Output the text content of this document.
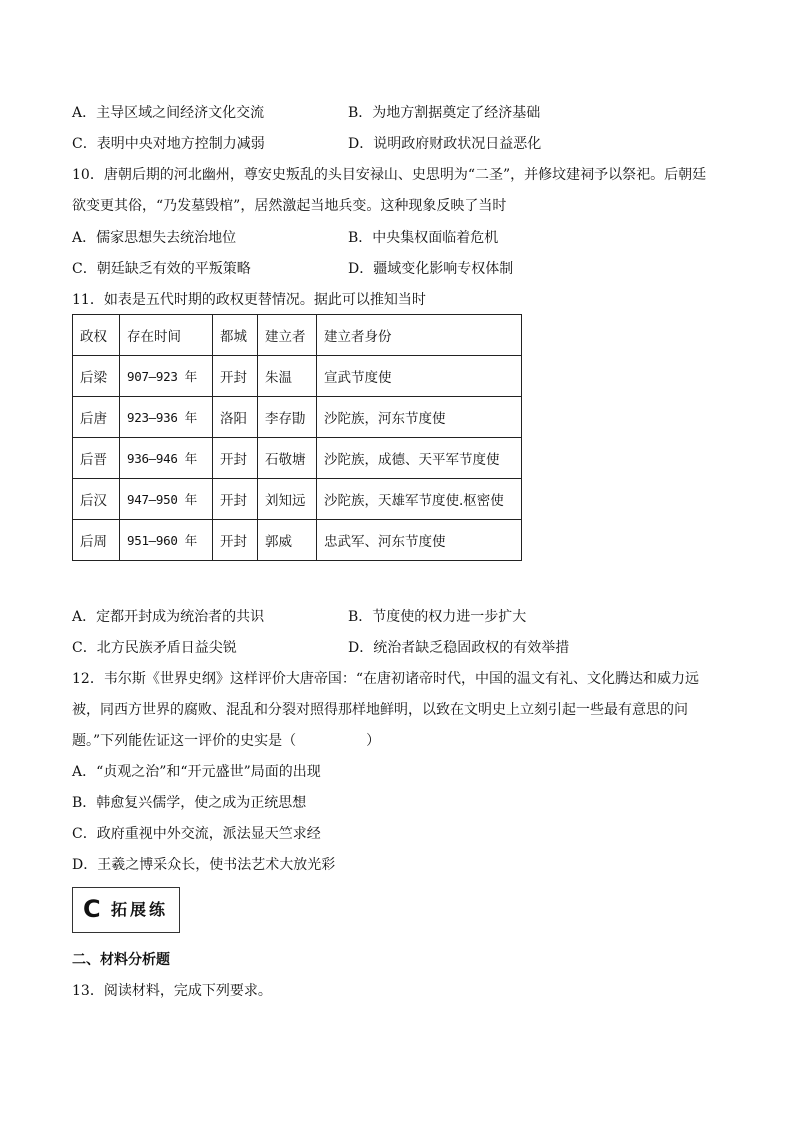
A．主导区域之间经济文化交流	B．为地方割据奠定了经济基础
C．表明中央对地方控制力减弱	D．说明政府财政状况日益恶化
10．唐朝后期的河北幽州，尊安史叛乱的头目安禄山、史思明为“二圣”，并修坟建祠予以祭祀。后朝廷
欲变更其俗，“乃发墓毁棺”，居然激起当地兵变。这种现象反映了当时
A．儒家思想失去统治地位	B．中央集权面临着危机
C．朝廷缺乏有效的平叛策略	D．疆域变化影响专权体制
11．如表是五代时期的政权更替情况。据此可以推知当时
政权	存在时间	都城	建立者	建立者身份
后梁	907—923 年	开封	朱温	宣武节度使
后唐	923—936 年	洛阳	李存勖	沙陀族，河东节度使
后晋	936—946 年	开封	石敬塘	沙陀族，成德、天平军节度使
后汉	947—950 年	开封	刘知远	沙陀族，天雄军节度使.枢密使
后周	951—960 年	开封	郭威	忠武军、河东节度使
A．定都开封成为统治者的共识	B．节度使的权力进一步扩大
C．北方民族矛盾日益尖锐	D．统治者缺乏稳固政权的有效举措
12．韦尔斯《世界史纲》这样评价大唐帝国：“在唐初诸帝时代，中国的温文有礼、文化腾达和威力远
被，同西方世界的腐败、混乱和分裂对照得那样地鲜明，以致在文明史上立刻引起一些最有意思的问
题。”下列能佐证这一评价的史实是（　　　　　）
A．“贞观之治”和“开元盛世”局面的出现
B．韩愈复兴儒学，使之成为正统思想
C．政府重视中外交流，派法显天竺求经
D．王羲之博采众长，使书法艺术大放光彩
C 拓展练
二、材料分析题
13．阅读材料，完成下列要求。
